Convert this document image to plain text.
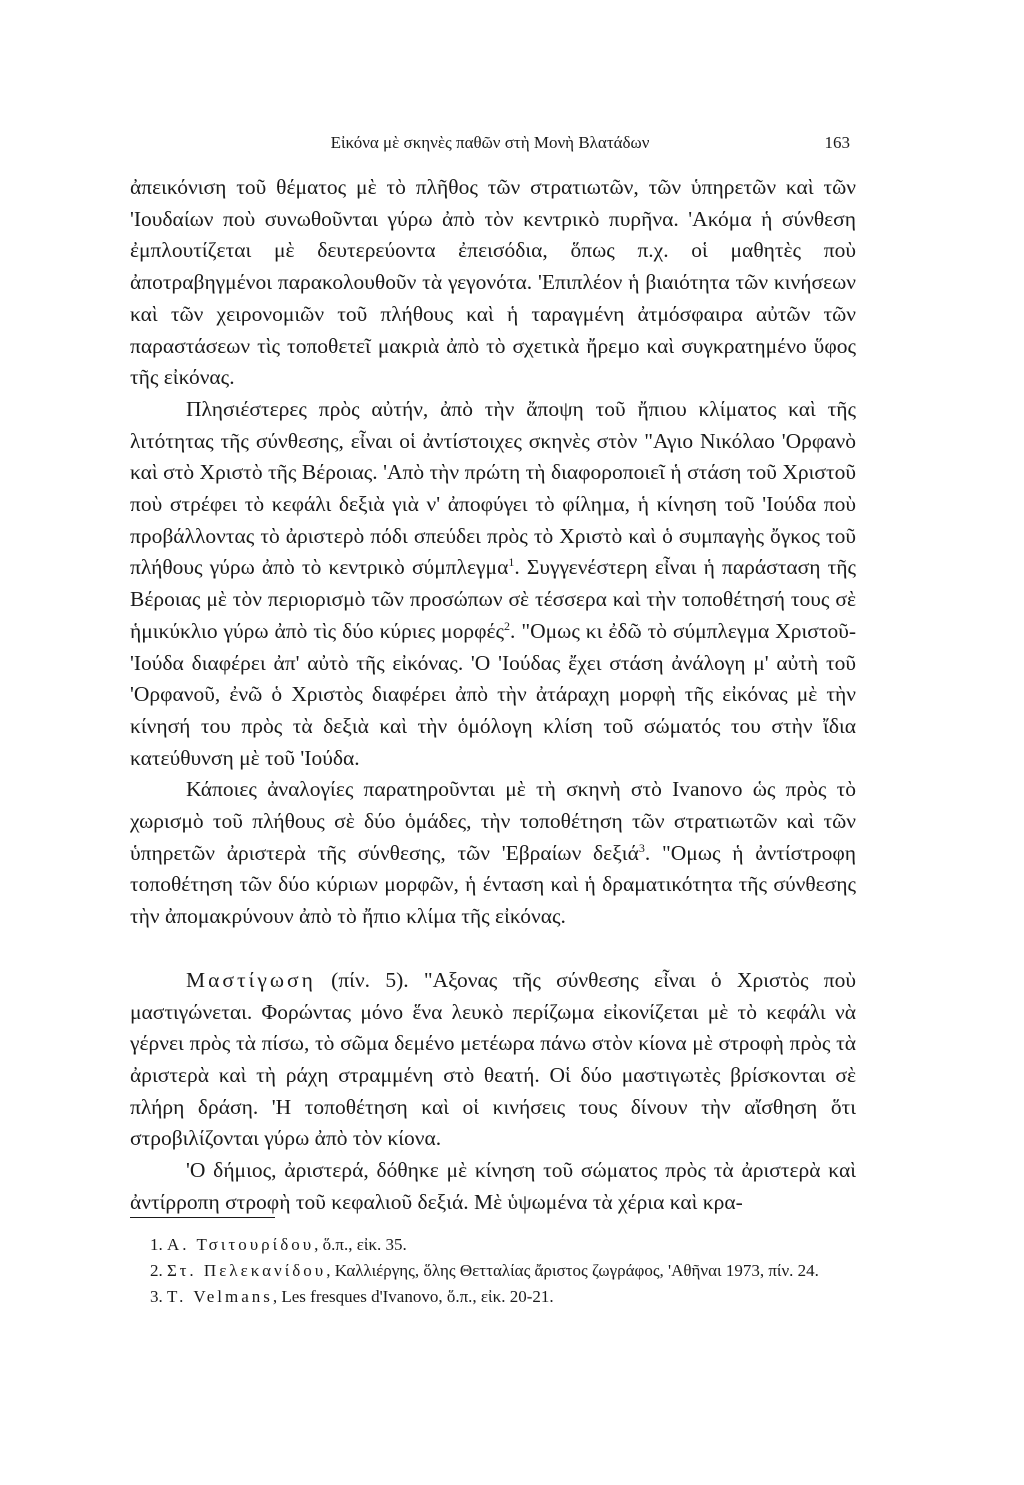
Εἰκόνα μὲ σκηνὲς παθῶν στὴ Μονὴ Βλατάδων	163

ἀπεικόνιση τοῦ θέματος μὲ τὸ πλῆθος τῶν στρατιωτῶν, τῶν ὑπηρετῶν καὶ τῶν 'Ιουδαίων ποὺ συνωθοῦνται γύρω ἀπὸ τὸν κεντρικὸ πυρῆνα. 'Ακόμα ἡ σύνθεση ἐμπλουτίζεται μὲ δευτερεύοντα ἐπεισόδια, ὅπως π.χ. οἱ μαθητὲς ποὺ ἀποτραβηγμένοι παρακολουθοῦν τὰ γεγονότα. 'Επιπλέον ἡ βιαιότητα τῶν κινήσεων καὶ τῶν χειρονομιῶν τοῦ πλήθους καὶ ἡ ταραγμένη ἀτμόσφαιρα αὐτῶν τῶν παραστάσεων τὶς τοποθετεῖ μακριὰ ἀπὸ τὸ σχετικὰ ἤρεμο καὶ συγκρατημένο ὕφος τῆς εἰκόνας.

Πλησιέστερες πρὸς αὐτήν, ἀπὸ τὴν ἄποψη τοῦ ἤπιου κλίματος καὶ τῆς λιτότητας τῆς σύνθεσης, εἶναι οἱ ἀντίστοιχες σκηνὲς στὸν "Αγιο Νικόλαο 'Ορφανὸ καὶ στὸ Χριστὸ τῆς Βέροιας. 'Απὸ τὴν πρώτη τὴ διαφοροποιεῖ ἡ στάση τοῦ Χριστοῦ ποὺ στρέφει τὸ κεφάλι δεξιὰ γιὰ ν' ἀποφύγει τὸ φίλημα, ἡ κίνηση τοῦ 'Ιούδα ποὺ προβάλλοντας τὸ ἀριστερὸ πόδι σπεύδει πρὸς τὸ Χριστὸ καὶ ὁ συμπαγὴς ὄγκος τοῦ πλήθους γύρω ἀπὸ τὸ κεντρικὸ σύμπλεγμα$^1$. Συγγενέστερη εἶναι ἡ παράσταση τῆς Βέροιας μὲ τὸν περιορισμὸ τῶν προσώπων σὲ τέσσερα καὶ τὴν τοποθέτησή τους σὲ ἡμικύκλιο γύρω ἀπὸ τὶς δύο κύριες μορφές$^2$. "Ομως κι ἐδῶ τὸ σύμπλεγμα Χριστοῦ-'Ιούδα διαφέρει ἀπ' αὐτὸ τῆς εἰκόνας. 'Ο 'Ιούδας ἔχει στάση ἀνάλογη μ' αὐτὴ τοῦ 'Ορφανοῦ, ἐνῶ ὁ Χριστὸς διαφέρει ἀπὸ τὴν ἀτάραχη μορφὴ τῆς εἰκόνας μὲ τὴν κίνησή του πρὸς τὰ δεξιὰ καὶ τὴν ὁμόλογη κλίση τοῦ σώματός του στὴν ἴδια κατεύθυνση μὲ τοῦ 'Ιούδα.

Κάποιες ἀναλογίες παρατηροῦνται μὲ τὴ σκηνὴ στὸ Ivanovo ὡς πρὸς τὸ χωρισμὸ τοῦ πλήθους σὲ δύο ὁμάδες, τὴν τοποθέτηση τῶν στρατιωτῶν καὶ τῶν ὑπηρετῶν ἀριστερὰ τῆς σύνθεσης, τῶν 'Εβραίων δεξιά$^3$. "Ομως ἡ ἀντίστροφη τοποθέτηση τῶν δύο κύριων μορφῶν, ἡ ένταση καὶ ἡ δραματικότητα τῆς σύνθεσης τὴν ἀπομακρύνουν ἀπὸ τὸ ἤπιο κλίμα τῆς εἰκόνας.

Μαστίγωση (πίν. 5). "Αξονας τῆς σύνθεσης εἶναι ὁ Χριστὸς ποὺ μαστιγώνεται. Φορώντας μόνο ἕνα λευκὸ περίζωμα εἰκονίζεται μὲ τὸ κεφάλι νὰ γέρνει πρὸς τὰ πίσω, τὸ σῶμα δεμένο μετέωρα πάνω στὸν κίονα μὲ στροφὴ πρὸς τὰ ἀριστερὰ καὶ τὴ ράχη στραμμένη στὸ θεατή. Οἱ δύο μαστιγωτὲς βρίσκονται σὲ πλήρη δράση. 'Η τοποθέτηση καὶ οἱ κινήσεις τους δίνουν τὴν αἴσθηση ὅτι στροβιλίζονται γύρω ἀπὸ τὸν κίονα.

'Ο δήμιος, ἀριστερά, δόθηκε μὲ κίνηση τοῦ σώματος πρὸς τὰ ἀριστερὰ καὶ ἀντίρροπη στροφὴ τοῦ κεφαλιοῦ δεξιά. Μὲ ὑψωμένα τὰ χέρια καὶ κρα-

1. Α. Τσιτουρίδου, ὅ.π., εἰκ. 35.
2. Στ. Πελεκανίδου, Καλλιέργης, ὅλης Θετταλίας ἄριστος ζωγράφος, 'Αθῆναι 1973, πίν. 24.
3. T. Velmans, Les fresques d'Ivanovo, ὅ.π., εἰκ. 20-21.
